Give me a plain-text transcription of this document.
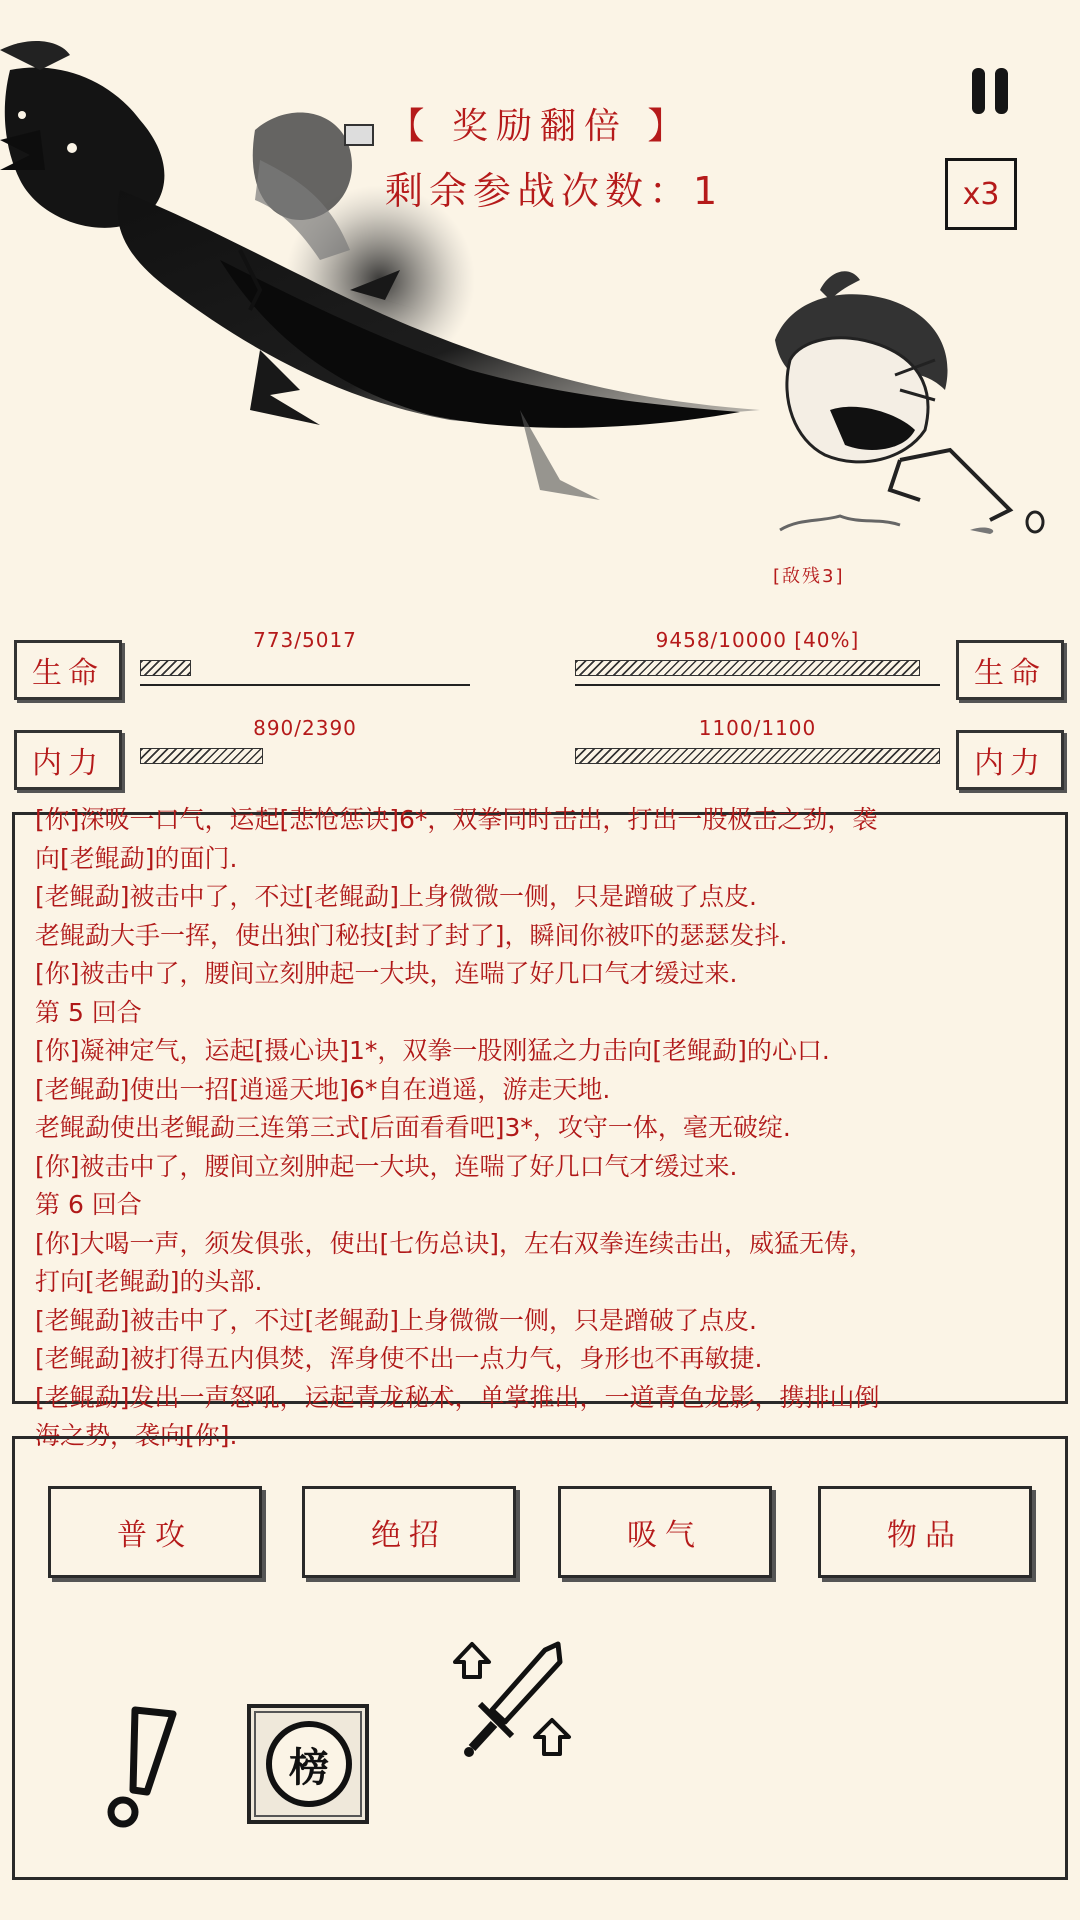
【 奖励翻倍 】
剩余参战次数：1	x3
[敌残3]
生命
773/5017
生命
9458/10000 [40%]
内力
890/2390
内力
1100/1100
[你]深吸一口气，运起[悲怆惩诀]6*，双拳同时击出，打出一股极击之劲，袭
向[老鲲勐]的面门.
[老鲲勐]被击中了，不过[老鲲勐]上身微微一侧，只是蹭破了点皮.
老鲲勐大手一挥，使出独门秘技[封了封了]，瞬间你被吓的瑟瑟发抖.
[你]被击中了，腰间立刻肿起一大块，连喘了好几口气才缓过来.
第 5 回合
[你]凝神定气，运起[摄心诀]1*，双拳一股刚猛之力击向[老鲲勐]的心口.
[老鲲勐]使出一招[逍遥天地]6*自在逍遥，游走天地.
老鲲勐使出老鲲勐三连第三式[后面看看吧]3*，攻守一体，毫无破绽.
[你]被击中了，腰间立刻肿起一大块，连喘了好几口气才缓过来.
第 6 回合
[你]大喝一声，须发俱张，使出[七伤总诀]，左右双拳连续击出，威猛无俦，
打向[老鲲勐]的头部.
[老鲲勐]被击中了，不过[老鲲勐]上身微微一侧，只是蹭破了点皮.
[老鲲勐]被打得五内俱焚，浑身使不出一点力气，身形也不再敏捷.
[老鲲勐]发出一声怒吼，运起青龙秘术，单掌推出，一道青色龙影，携排山倒
海之势，袭向[你].
普攻	绝招	吸气	物品
榜
